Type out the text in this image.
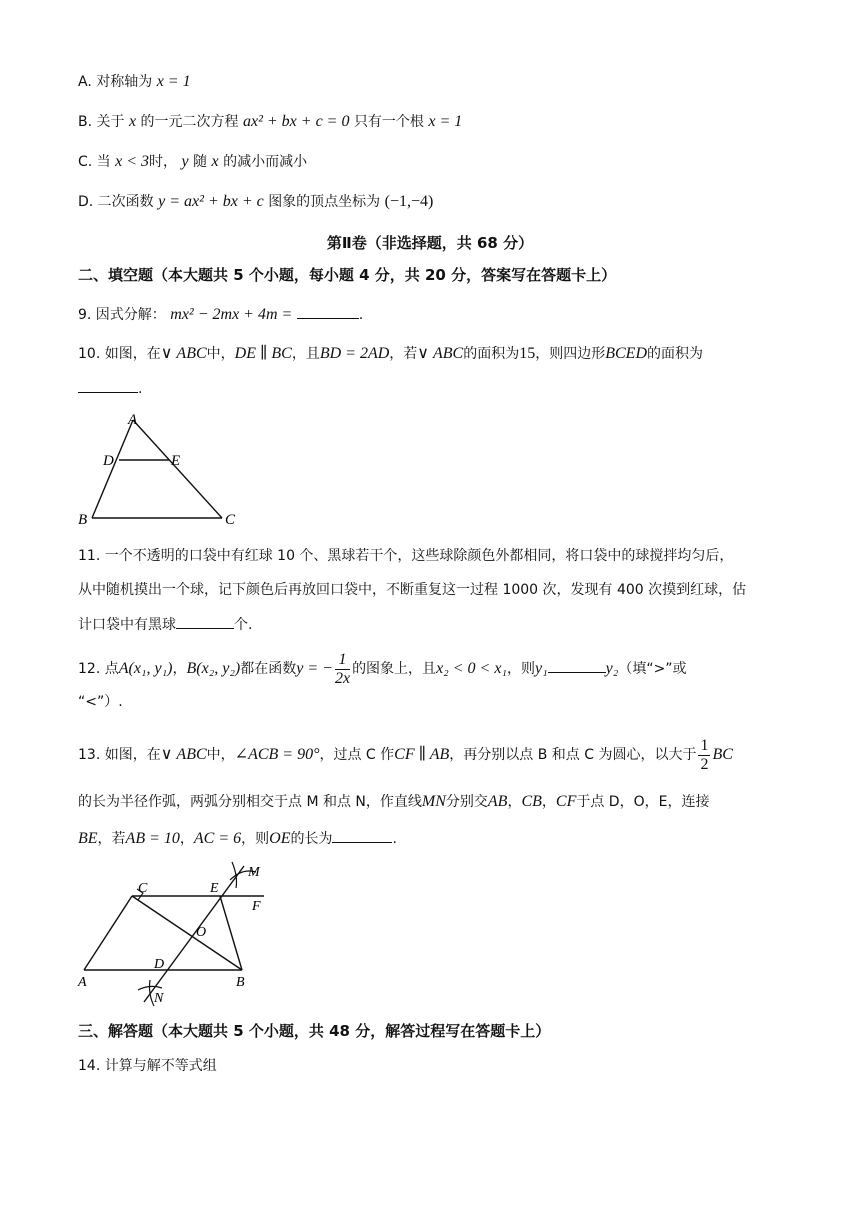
A. 对称轴为 x = 1
B. 关于 x 的一元二次方程 ax² + bx + c = 0 只有一个根 x = 1
C. 当 x < 3时， y 随 x 的减小而减小
D. 二次函数 y = ax² + bx + c 图象的顶点坐标为 (−1,−4)
第Ⅱ卷（非选择题，共 68 分）
二、填空题（本大题共 5 个小题，每小题 4 分，共 20 分，答案写在答题卡上）
9. 因式分解： mx² − 2mx + 4m =	.
10. 如图，在∨ ABC中，DE ∥ BC，且BD = 2AD，若∨ ABC的面积为15，则四边形BCED的面积为
.
A
D	E
B	C
11. 一个不透明的口袋中有红球 10 个、黑球若干个，这些球除颜色外都相同，将口袋中的球搅拌均匀后，
从中随机摸出一个球，记下颜色后再放回口袋中，不断重复这一过程 1000 次，发现有 400 次摸到红球，估
计口袋中有黑球	个.
12. 点A(x₁, y₁)，B(x₂, y₂)都在函数y = − $\frac{1}{2x}$ 的图象上，且x₂ < 0 < x₁，则y₁	y₂（填“>”或
“<”）.
13. 如图，在∨ ABC中，∠ACB = 90°，过点 C 作CF ∥ AB，再分别以点 B 和点 C 为圆心，以大于 $\frac{1}{2}$ BC
的长为半径作弧，两弧分别相交于点 M 和点 N，作直线MN分别交AB，CB，CF于点 D，O，E，连接
BE，若AB = 10，AC = 6，则OE的长为	.
C	E
F
M
O
D
A	B
N
三、解答题（本大题共 5 个小题，共 48 分，解答过程写在答题卡上）
14. 计算与解不等式组
